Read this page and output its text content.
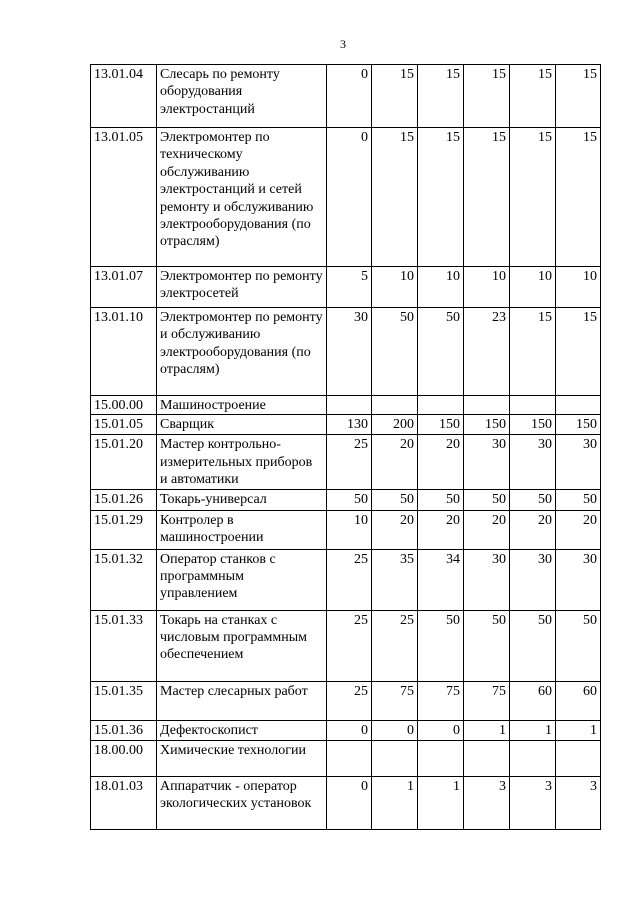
3
13.01.04	Слесарь по ремонту оборудования электростанций	0	15	15	15	15	15
13.01.05	Электромонтер по техническому обслуживанию электростанций и сетей ремонту и обслуживанию электрооборудования (по отраслям)	0	15	15	15	15	15
13.01.07	Электромонтер по ремонту электросетей	5	10	10	10	10	10
13.01.10	Электромонтер по ремонту и обслуживанию электрооборудования (по отраслям)	30	50	50	23	15	15
15.00.00	Машиностроение						
15.01.05	Сварщик	130	200	150	150	150	150
15.01.20	Мастер контрольно-измерительных приборов и автоматики	25	20	20	30	30	30
15.01.26	Токарь-универсал	50	50	50	50	50	50
15.01.29	Контролер в машиностроении	10	20	20	20	20	20
15.01.32	Оператор станков с программным управлением	25	35	34	30	30	30
15.01.33	Токарь на станках с числовым программным обеспечением	25	25	50	50	50	50
15.01.35	Мастер слесарных работ	25	75	75	75	60	60
15.01.36	Дефектоскопист	0	0	0	1	1	1
18.00.00	Химические технологии						
18.01.03	Аппаратчик - оператор экологических установок	0	1	1	3	3	3
